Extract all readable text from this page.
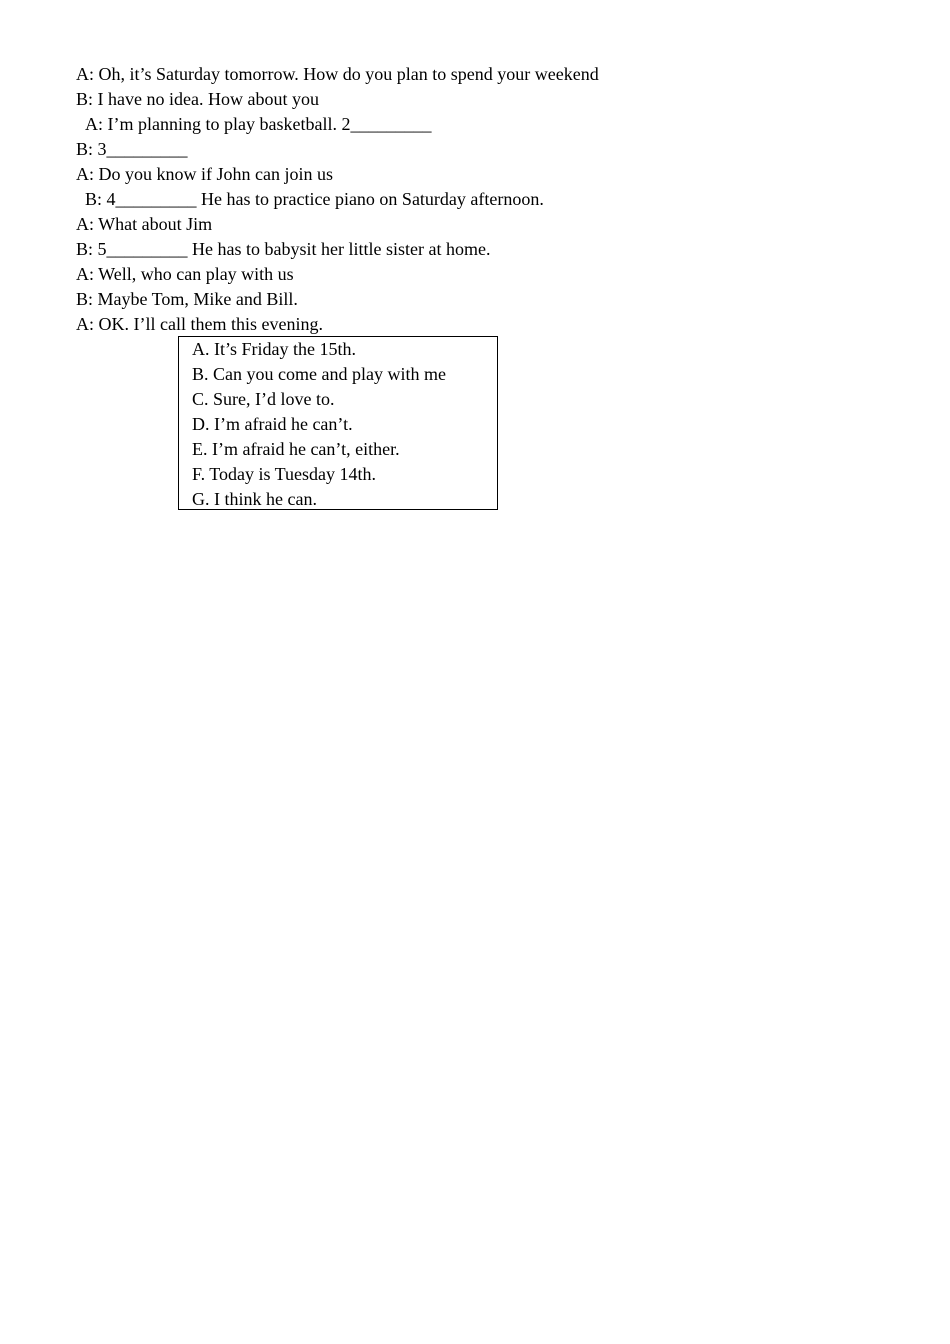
A: Oh, it’s Saturday tomorrow. How do you plan to spend your weekend
B: I have no idea. How about you
A: I’m planning to play basketball. 2_________
B: 3_________
A: Do you know if John can join us
B: 4_________ He has to practice piano on Saturday afternoon.
A: What about Jim
B: 5_________ He has to babysit her little sister at home.
A: Well, who can play with us
B: Maybe Tom, Mike and Bill.
A: OK. I’ll call them this evening.
A. It’s Friday the 15th.
B. Can you come and play with me
C. Sure, I’d love to.
D. I’m afraid he can’t.
E. I’m afraid he can’t, either.
F. Today is Tuesday 14th.
G. I think he can.
